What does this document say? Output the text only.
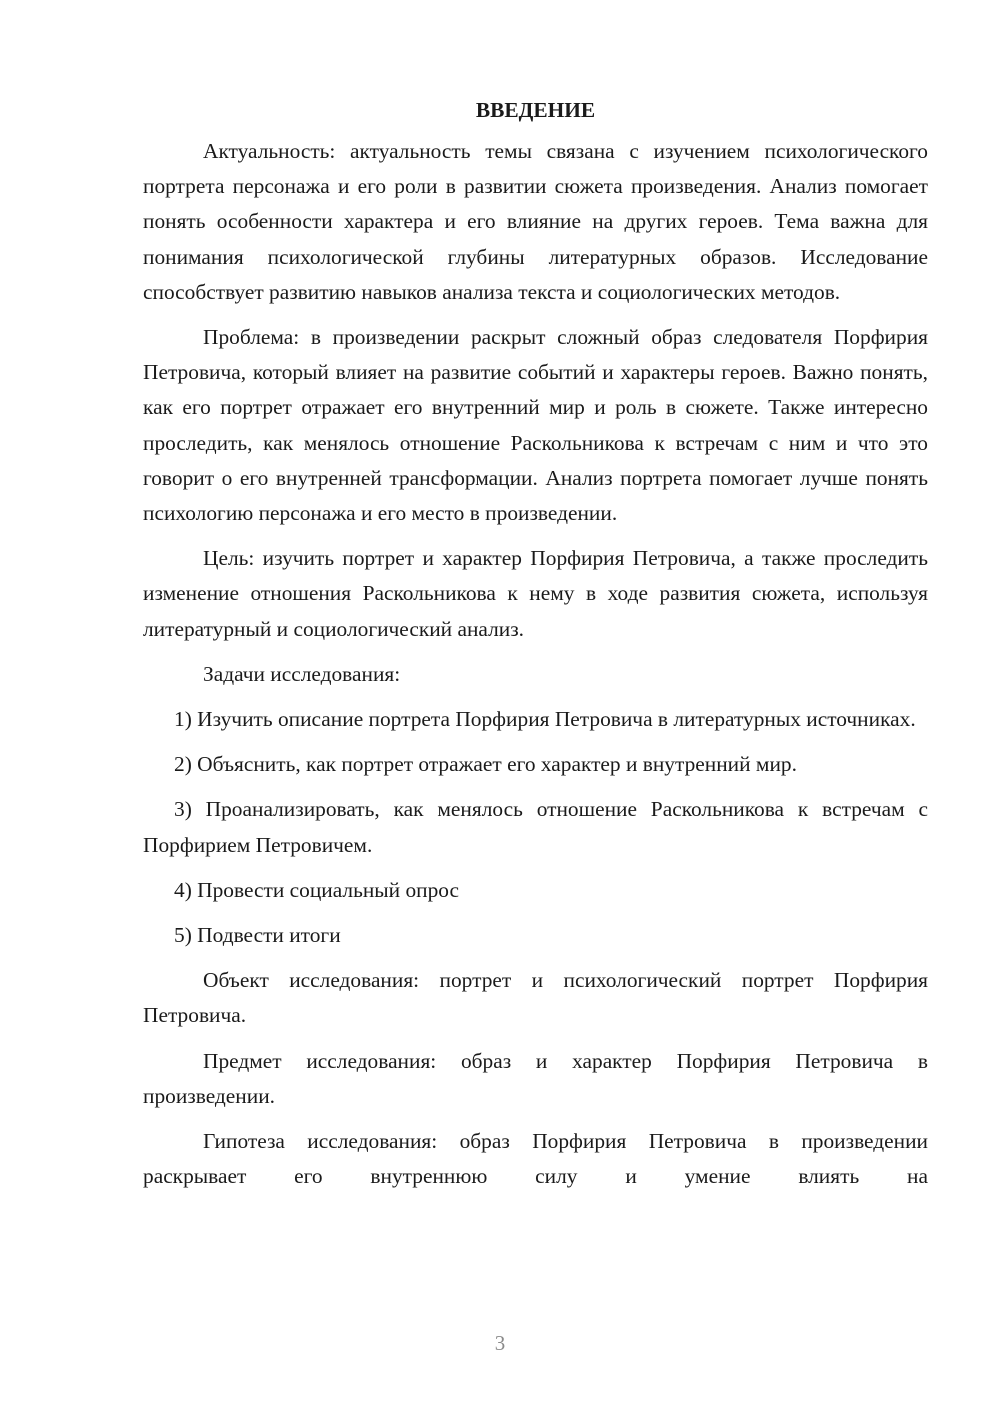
ВВЕДЕНИЕ

Актуальность: актуальность темы связана с изучением психологического портрета персонажа и его роли в развитии сюжета произведения. Анализ помогает понять особенности характера и его влияние на других героев. Тема важна для понимания психологической глубины литературных образов. Исследование способствует развитию навыков анализа текста и социологических методов.

Проблема: в произведении раскрыт сложный образ следователя Порфирия Петровича, который влияет на развитие событий и характеры героев. Важно понять, как его портрет отражает его внутренний мир и роль в сюжете. Также интересно проследить, как менялось отношение Раскольникова к встречам с ним и что это говорит о его внутренней трансформации. Анализ портрета помогает лучше понять психологию персонажа и его место в произведении.

Цель: изучить портрет и характер Порфирия Петровича, а также проследить изменение отношения Раскольникова к нему в ходе развития сюжета, используя литературный и социологический анализ.

Задачи исследования:

1) Изучить описание портрета Порфирия Петровича в литературных источниках.

2) Объяснить, как портрет отражает его характер и внутренний мир.

3) Проанализировать, как менялось отношение Раскольникова к встречам с Порфирием Петровичем.

4) Провести социальный опрос

5) Подвести итоги

Объект исследования: портрет и психологический портрет Порфирия Петровича.

Предмет исследования: образ и характер Порфирия Петровича в произведении.

Гипотеза исследования: образ Порфирия Петровича в произведении раскрывает его внутреннюю силу и умение влиять на

3
